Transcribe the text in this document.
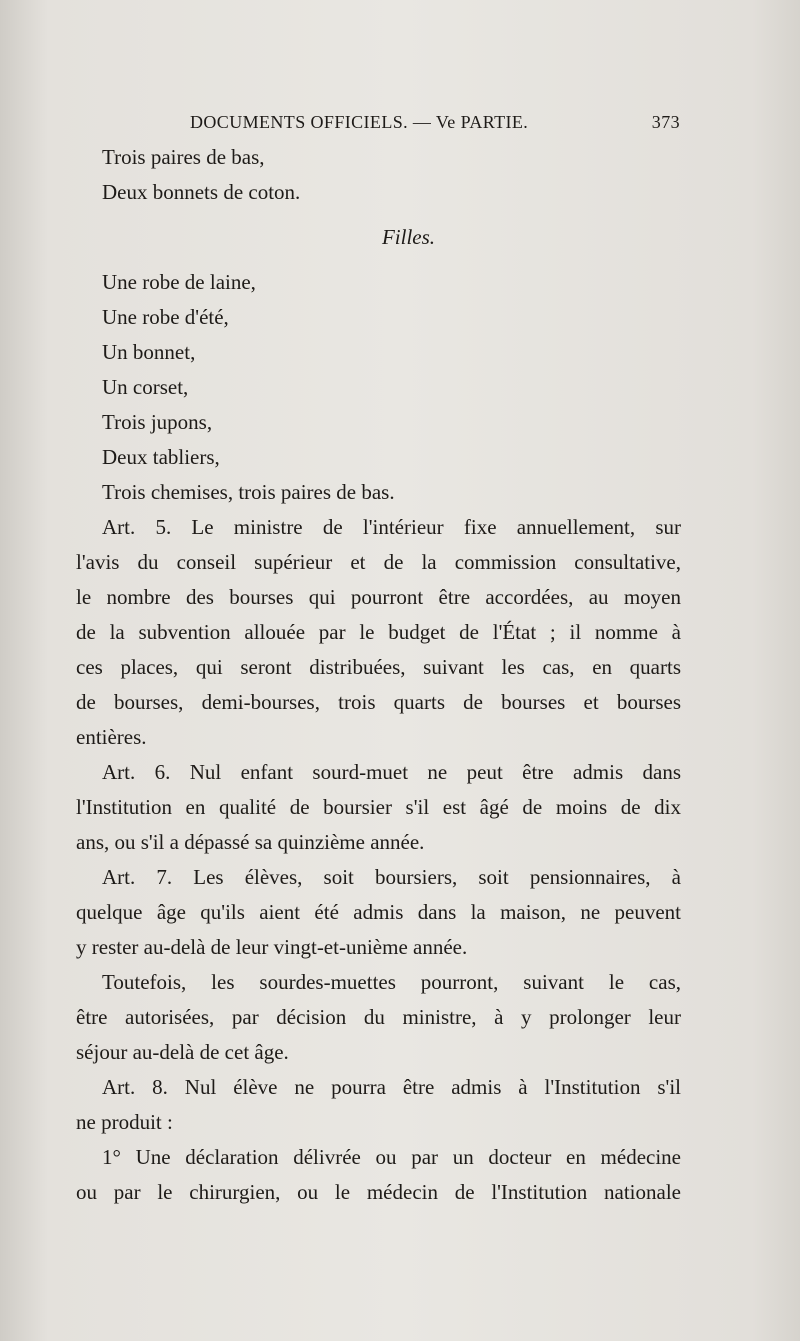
DOCUMENTS OFFICIELS. — Ve PARTIE.	373
Trois paires de bas,
Deux bonnets de coton.
Filles.
Une robe de laine,
Une robe d'été,
Un bonnet,
Un corset,
Trois jupons,
Deux tabliers,
Trois chemises, trois paires de bas.
Art. 5. Le ministre de l'intérieur fixe annuellement, sur
l'avis du conseil supérieur et de la commission consultative,
le nombre des bourses qui pourront être accordées, au moyen
de la subvention allouée par le budget de l'État ; il nomme à
ces places, qui seront distribuées, suivant les cas, en quarts
de bourses, demi-bourses, trois quarts de bourses et bourses
entières.
Art. 6. Nul enfant sourd-muet ne peut être admis dans
l'Institution en qualité de boursier s'il est âgé de moins de dix
ans, ou s'il a dépassé sa quinzième année.
Art. 7. Les élèves, soit boursiers, soit pensionnaires, à
quelque âge qu'ils aient été admis dans la maison, ne peuvent
y rester au-delà de leur vingt-et-unième année.
Toutefois, les sourdes-muettes pourront, suivant le cas,
être autorisées, par décision du ministre, à y prolonger leur
séjour au-delà de cet âge.
Art. 8. Nul élève ne pourra être admis à l'Institution s'il
ne produit :
1° Une déclaration délivrée ou par un docteur en médecine
ou par le chirurgien, ou le médecin de l'Institution nationale
